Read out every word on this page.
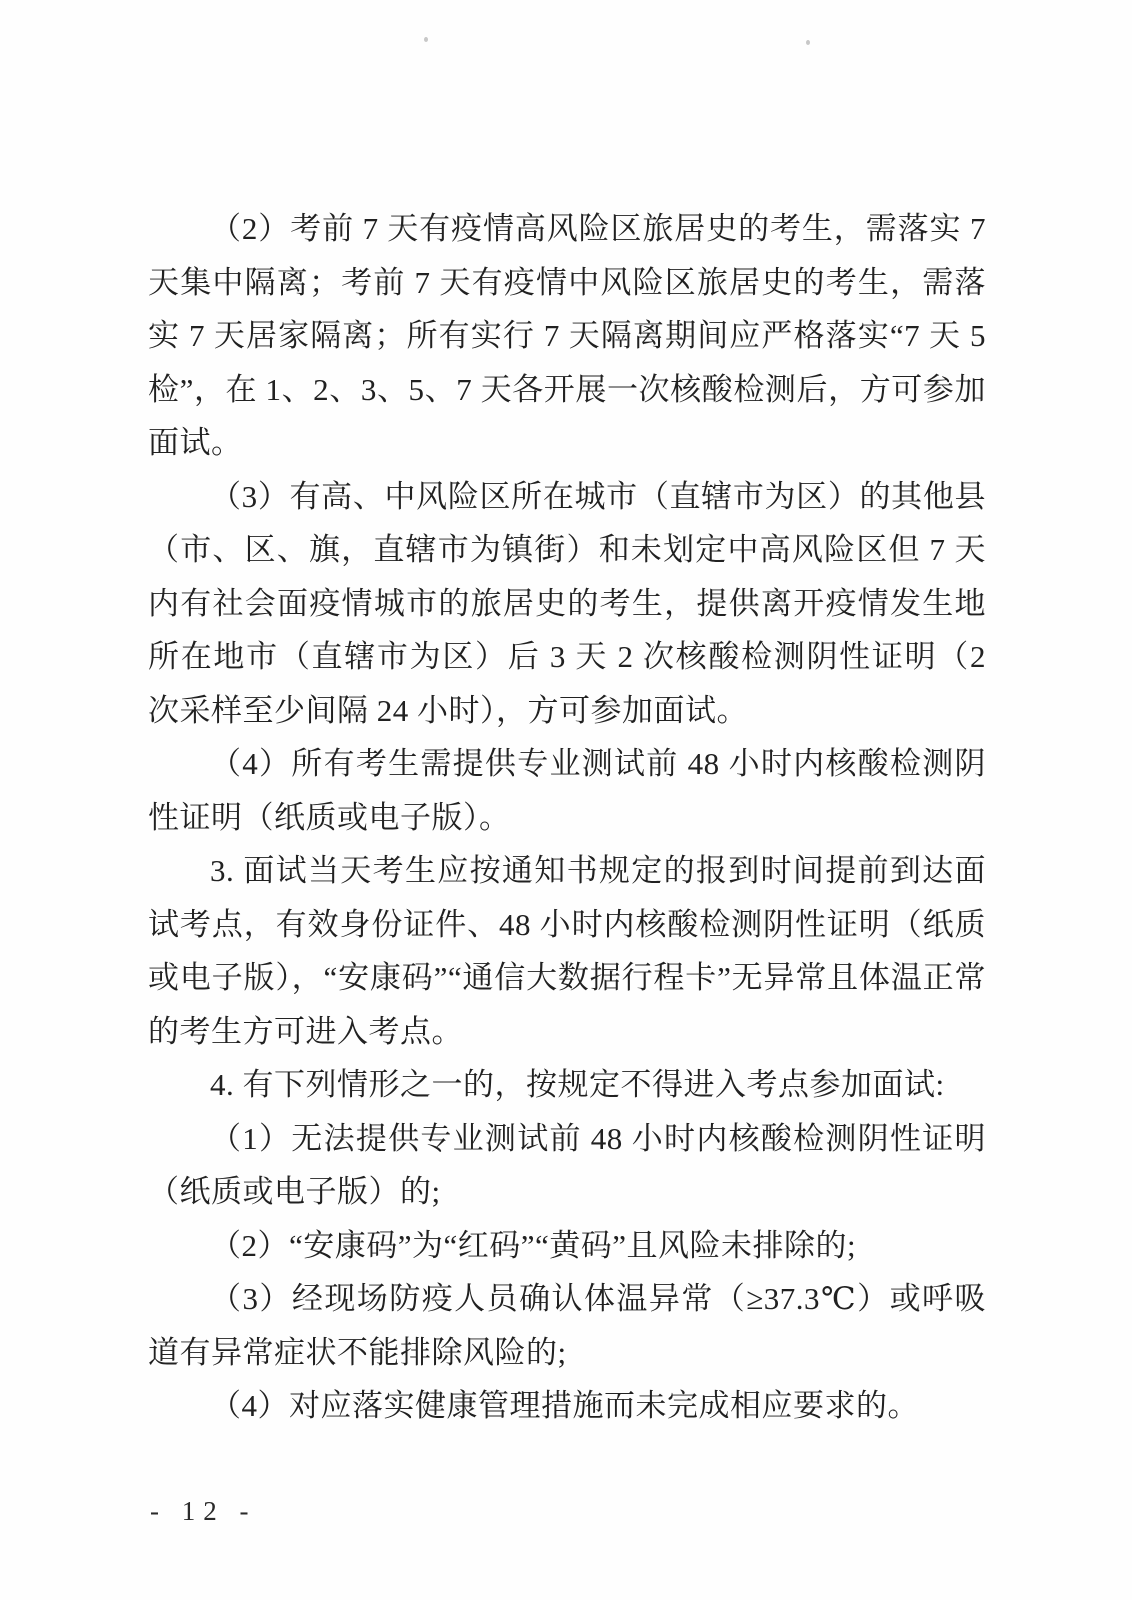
（2）考前 7 天有疫情高风险区旅居史的考生，需落实 7 天集中隔离；考前 7 天有疫情中风险区旅居史的考生，需落实 7 天居家隔离；所有实行 7 天隔离期间应严格落实“7 天 5 检”，在 1、2、3、5、7 天各开展一次核酸检测后，方可参加面试。

（3）有高、中风险区所在城市（直辖市为区）的其他县（市、区、旗，直辖市为镇街）和未划定中高风险区但 7 天内有社会面疫情城市的旅居史的考生，提供离开疫情发生地所在地市（直辖市为区）后 3 天 2 次核酸检测阴性证明（2 次采样至少间隔 24 小时），方可参加面试。

（4）所有考生需提供专业测试前 48 小时内核酸检测阴性证明（纸质或电子版）。

3. 面试当天考生应按通知书规定的报到时间提前到达面试考点，有效身份证件、48 小时内核酸检测阴性证明（纸质或电子版），“安康码”“通信大数据行程卡”无异常且体温正常的考生方可进入考点。

4. 有下列情形之一的，按规定不得进入考点参加面试:

（1）无法提供专业测试前 48 小时内核酸检测阴性证明（纸质或电子版）的;

（2）“安康码”为“红码”“黄码”且风险未排除的;

（3）经现场防疫人员确认体温异常（≥37.3℃）或呼吸道有异常症状不能排除风险的;

（4）对应落实健康管理措施而未完成相应要求的。

- 12 -
